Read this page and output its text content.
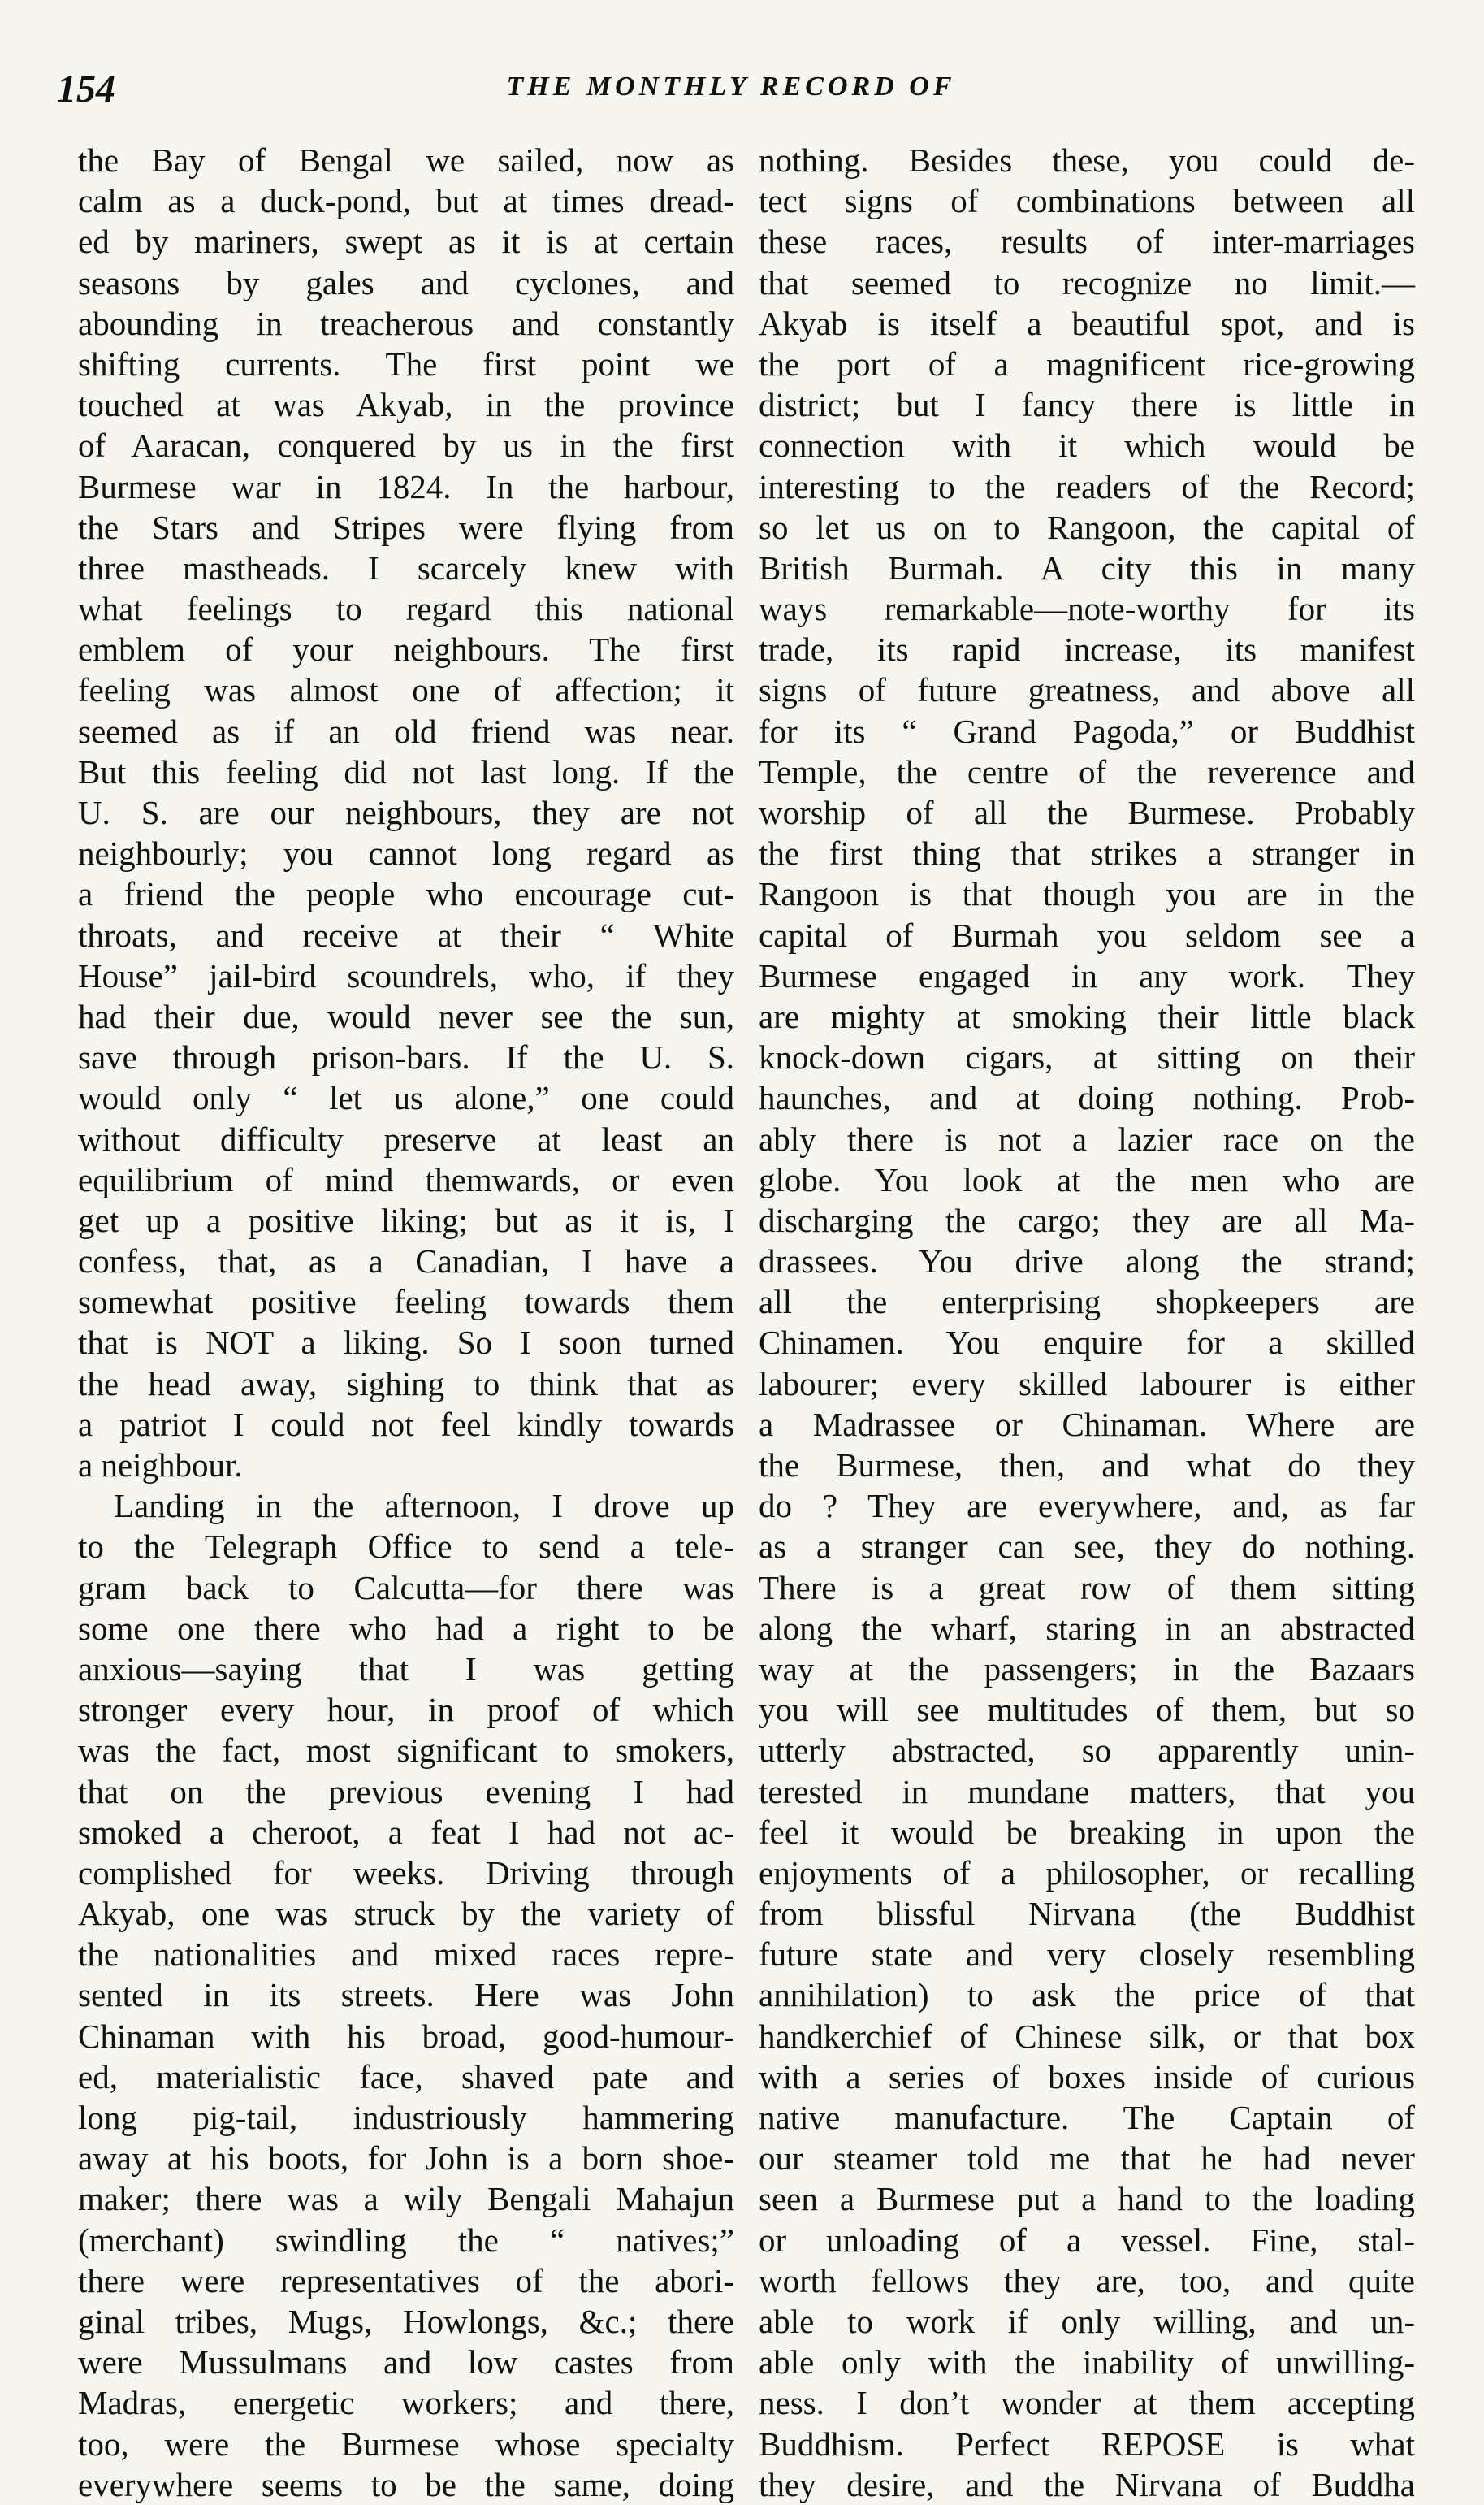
154	THE MONTHLY RECORD OF
the Bay of Bengal we sailed, now as
calm as a duck-pond, but at times dread-
ed by mariners, swept as it is at certain
seasons by gales and cyclones, and
abounding in treacherous and constantly
shifting currents. The first point we
touched at was Akyab, in the province
of Aaracan, conquered by us in the first
Burmese war in 1824. In the harbour,
the Stars and Stripes were flying from
three mastheads. I scarcely knew with
what feelings to regard this national
emblem of your neighbours. The first
feeling was almost one of affection; it
seemed as if an old friend was near.
But this feeling did not last long. If the
U. S. are our neighbours, they are not
neighbourly; you cannot long regard as
a friend the people who encourage cut-
throats, and receive at their “ White
House” jail-bird scoundrels, who, if they
had their due, would never see the sun,
save through prison-bars. If the U. S.
would only “ let us alone,” one could
without difficulty preserve at least an
equilibrium of mind themwards, or even
get up a positive liking; but as it is, I
confess, that, as a Canadian, I have a
somewhat positive feeling towards them
that is NOT a liking. So I soon turned
the head away, sighing to think that as
a patriot I could not feel kindly towards
a neighbour.
Landing in the afternoon, I drove up
to the Telegraph Office to send a tele-
gram back to Calcutta—for there was
some one there who had a right to be
anxious—saying that I was getting
stronger every hour, in proof of which
was the fact, most significant to smokers,
that on the previous evening I had
smoked a cheroot, a feat I had not ac-
complished for weeks. Driving through
Akyab, one was struck by the variety of
the nationalities and mixed races repre-
sented in its streets. Here was John
Chinaman with his broad, good-humour-
ed, materialistic face, shaved pate and
long pig-tail, industriously hammering
away at his boots, for John is a born shoe-
maker; there was a wily Bengali Mahajun
(merchant) swindling the “ natives;”
there were representatives of the abori-
ginal tribes, Mugs, Howlongs, &c.; there
were Mussulmans and low castes from
Madras, energetic workers; and there,
too, were the Burmese whose specialty
everywhere seems to be the same, doing
nothing. Besides these, you could de-
tect signs of combinations between all
these races, results of inter-marriages
that seemed to recognize no limit.—
Akyab is itself a beautiful spot, and is
the port of a magnificent rice-growing
district; but I fancy there is little in
connection with it which would be
interesting to the readers of the Record;
so let us on to Rangoon, the capital of
British Burmah. A city this in many
ways remarkable—note-worthy for its
trade, its rapid increase, its manifest
signs of future greatness, and above all
for its “ Grand Pagoda,” or Buddhist
Temple, the centre of the reverence and
worship of all the Burmese. Probably
the first thing that strikes a stranger in
Rangoon is that though you are in the
capital of Burmah you seldom see a
Burmese engaged in any work. They
are mighty at smoking their little black
knock-down cigars, at sitting on their
haunches, and at doing nothing. Prob-
ably there is not a lazier race on the
globe. You look at the men who are
discharging the cargo; they are all Ma-
drassees. You drive along the strand;
all the enterprising shopkeepers are
Chinamen. You enquire for a skilled
labourer; every skilled labourer is either
a Madrassee or Chinaman. Where are
the Burmese, then, and what do they
do ? They are everywhere, and, as far
as a stranger can see, they do nothing.
There is a great row of them sitting
along the wharf, staring in an abstracted
way at the passengers; in the Bazaars
you will see multitudes of them, but so
utterly abstracted, so apparently unin-
terested in mundane matters, that you
feel it would be breaking in upon the
enjoyments of a philosopher, or recalling
from blissful Nirvana (the Buddhist
future state and very closely resembling
annihilation) to ask the price of that
handkerchief of Chinese silk, or that box
with a series of boxes inside of curious
native manufacture. The Captain of
our steamer told me that he had never
seen a Burmese put a hand to the loading
or unloading of a vessel. Fine, stal-
worth fellows they are, too, and quite
able to work if only willing, and un-
able only with the inability of unwilling-
ness. I don’t wonder at them accepting
Buddhism. Perfect REPOSE is what
they desire, and the Nirvana of Buddha
